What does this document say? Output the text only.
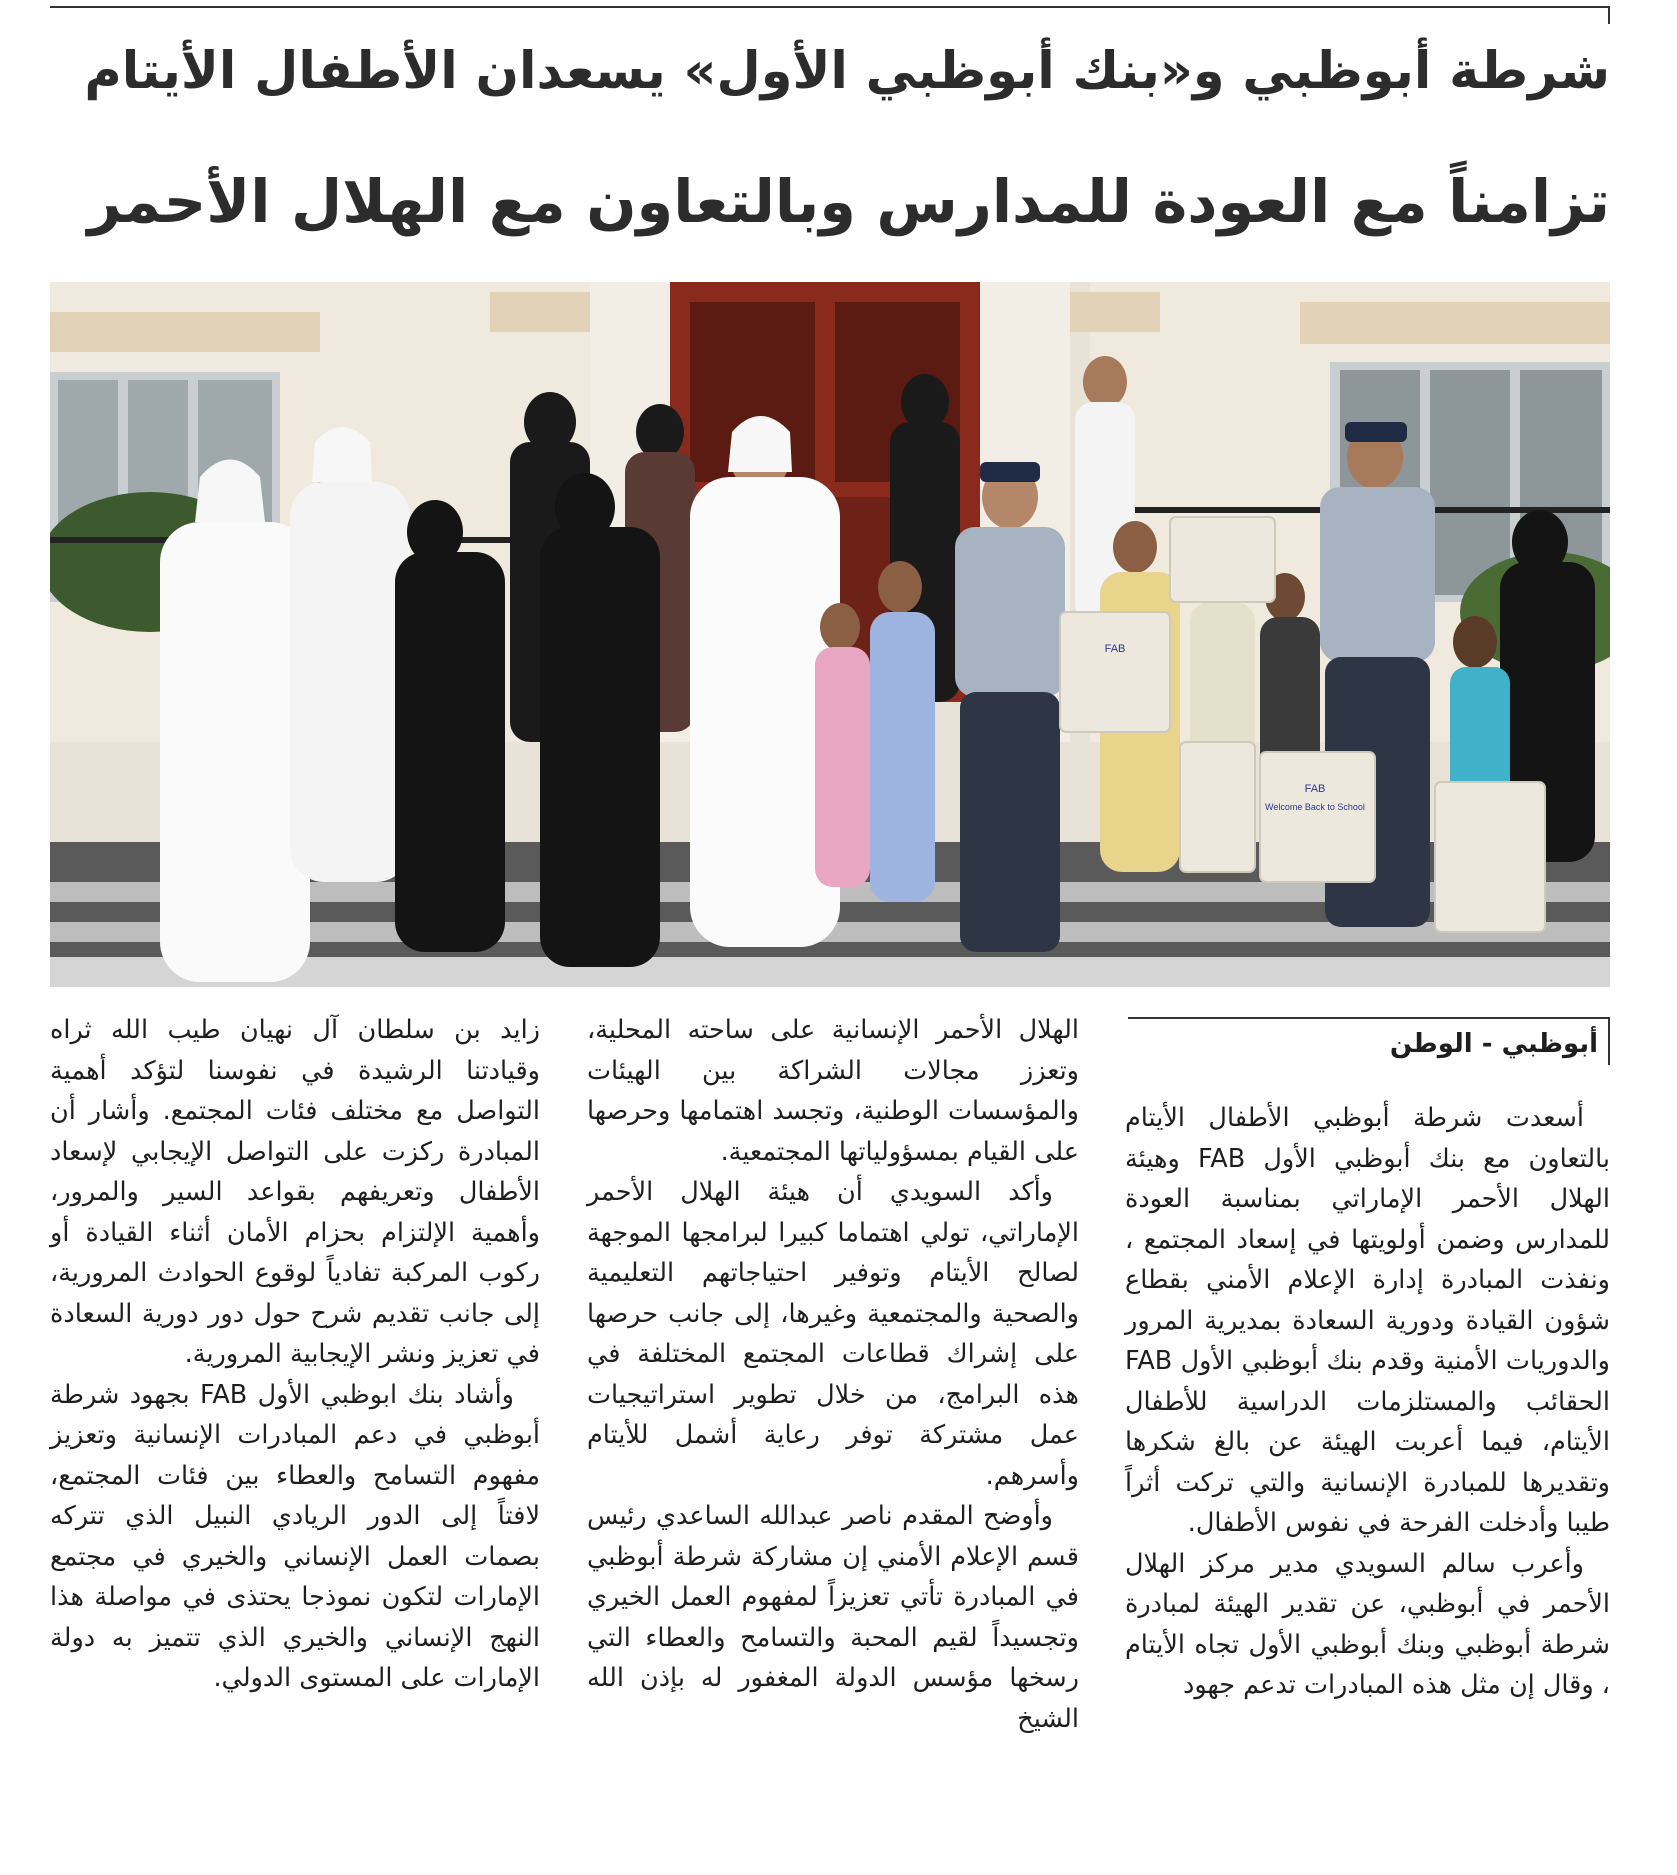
شرطة أبوظبي و«بنك أبوظبي الأول» يسعدان الأطفال الأيتام
تزامناً مع العودة للمدارس وبالتعاون مع الهلال الأحمر
FAB
FAB
Welcome Back to School
أبوظبي - الوطن

أسعدت شرطة أبوظبي الأطفال الأيتام بالتعاون مع بنك أبوظبي الأول FAB وهيئة الهلال الأحمر الإماراتي بمناسبة العودة للمدارس وضمن أولويتها في إسعاد المجتمع ، ونفذت المبادرة إدارة الإعلام الأمني بقطاع شؤون القيادة ودورية السعادة بمديرية المرور والدوريات الأمنية وقدم بنك أبوظبي الأول FAB الحقائب والمستلزمات الدراسية للأطفال الأيتام، فيما أعربت الهيئة عن بالغ شكرها وتقديرها للمبادرة الإنسانية والتي تركت أثراً طيبا وأدخلت الفرحة في نفوس الأطفال.

وأعرب سالم السويدي مدير مركز الهلال الأحمر في أبوظبي، عن تقدير الهيئة لمبادرة شرطة أبوظبي وبنك أبوظبي الأول تجاه الأيتام ، وقال إن مثل هذه المبادرات تدعم جهود

الهلال الأحمر الإنسانية على ساحته المحلية، وتعزز مجالات الشراكة بين الهيئات والمؤسسات الوطنية، وتجسد اهتمامها وحرصها على القيام بمسؤولياتها المجتمعية.

وأكد السويدي أن هيئة الهلال الأحمر الإماراتي، تولي اهتماما كبيرا لبرامجها الموجهة لصالح الأيتام وتوفير احتياجاتهم التعليمية والصحية والمجتمعية وغيرها، إلى جانب حرصها على إشراك قطاعات المجتمع المختلفة في هذه البرامج، من خلال تطوير استراتيجيات عمل مشتركة توفر رعاية أشمل للأيتام وأسرهم.

وأوضح المقدم ناصر عبدالله الساعدي رئيس قسم الإعلام الأمني إن مشاركة شرطة أبوظبي في المبادرة تأتي تعزيزاً لمفهوم العمل الخيري وتجسيداً لقيم المحبة والتسامح والعطاء التي رسخها مؤسس الدولة المغفور له بإذن الله الشيخ

زايد بن سلطان آل نهيان طيب الله ثراه وقيادتنا الرشيدة في نفوسنا لتؤكد أهمية التواصل مع مختلف فئات المجتمع. وأشار أن المبادرة ركزت على التواصل الإيجابي لإسعاد الأطفال وتعريفهم بقواعد السير والمرور، وأهمية الإلتزام بحزام الأمان أثناء القيادة أو ركوب المركبة تفادياً لوقوع الحوادث المرورية، إلى جانب تقديم شرح حول دور دورية السعادة في تعزيز ونشر الإيجابية المرورية.

وأشاد بنك ابوظبي الأول FAB بجهود شرطة أبوظبي في دعم المبادرات الإنسانية وتعزيز مفهوم التسامح والعطاء بين فئات المجتمع، لافتاً إلى الدور الريادي النبيل الذي تتركه بصمات العمل الإنساني والخيري في مجتمع الإمارات لتكون نموذجا يحتذى في مواصلة هذا النهج الإنساني والخيري الذي تتميز به دولة الإمارات على المستوى الدولي.
